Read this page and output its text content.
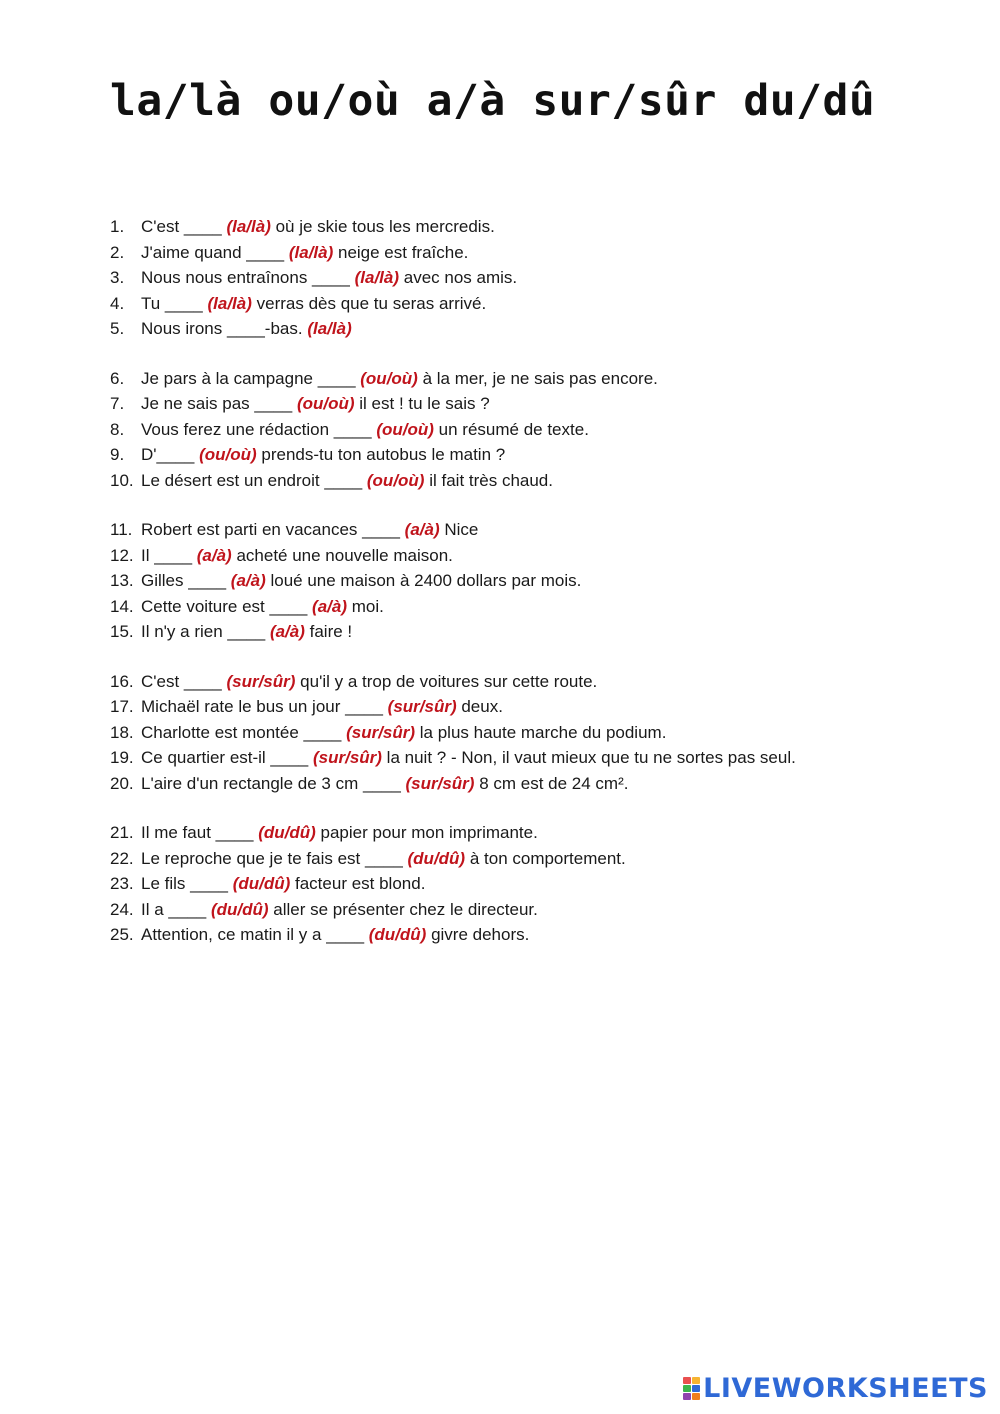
la/là ou/où a/à sur/sûr du/dû
1. C'est ____ (la/là) où je skie tous les mercredis.
2. J'aime quand ____ (la/là) neige est fraîche.
3. Nous nous entraînons ____ (la/là) avec nos amis.
4. Tu ____ (la/là) verras dès que tu seras arrivé.
5. Nous irons ____-bas. (la/là)
6. Je pars à la campagne ____ (ou/où) à la mer, je ne sais pas encore.
7. Je ne sais pas ____ (ou/où) il est ! tu le sais ?
8. Vous ferez une rédaction ____ (ou/où) un résumé de texte.
9. D'____ (ou/où) prends-tu ton autobus le matin ?
10. Le désert est un endroit ____ (ou/où) il fait très chaud.
11. Robert est parti en vacances ____ (a/à) Nice
12. Il ____ (a/à) acheté une nouvelle maison.
13. Gilles ____ (a/à) loué une maison à 2400 dollars par mois.
14. Cette voiture est ____ (a/à) moi.
15. Il n'y a rien ____ (a/à) faire !
16. C'est ____ (sur/sûr) qu'il y a trop de voitures sur cette route.
17. Michaël rate le bus un jour ____ (sur/sûr) deux.
18. Charlotte est montée ____ (sur/sûr) la plus haute marche du podium.
19. Ce quartier est-il ____ (sur/sûr) la nuit ? - Non, il vaut mieux que tu ne sortes pas seul.
20. L'aire d'un rectangle de 3 cm ____ (sur/sûr) 8 cm est de 24 cm².
21. Il me faut ____ (du/dû) papier pour mon imprimante.
22. Le reproche que je te fais est ____ (du/dû) à ton comportement.
23. Le fils ____ (du/dû) facteur est blond.
24. Il a ____ (du/dû) aller se présenter chez le directeur.
25. Attention, ce matin il y a ____ (du/dû) givre dehors.
LIVEWORKSHEETS
